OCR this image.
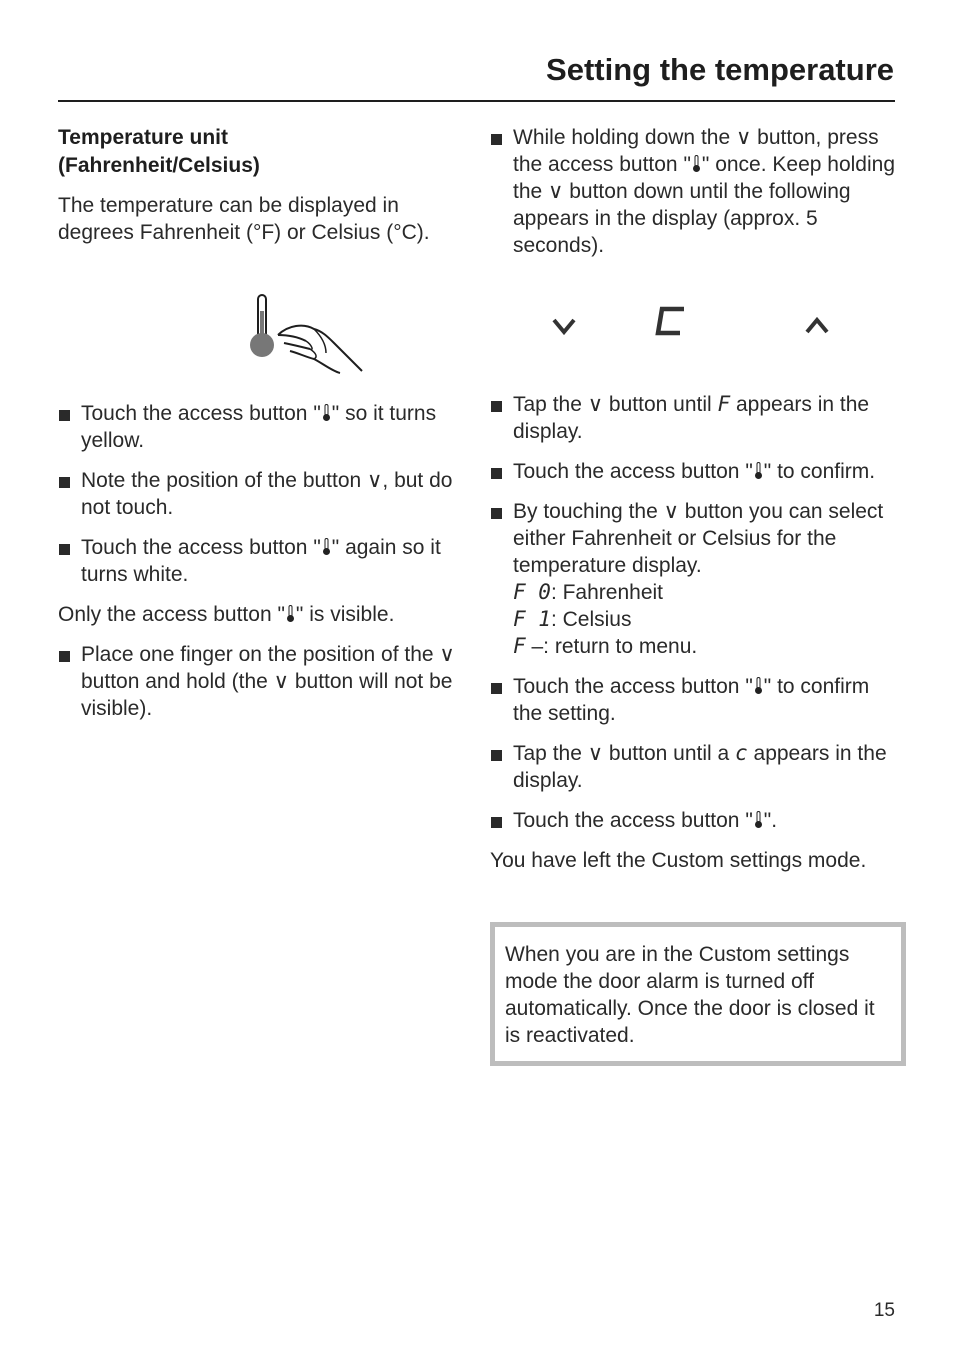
Setting the temperature
Temperature unit
(Fahrenheit/Celsius)

The temperature can be displayed in degrees Fahrenheit (°F) or Celsius (°C).

Touch the access button " " so it turns yellow.
Note the position of the button ∨, but do not touch.
Touch the access button " " again so it turns white.

Only the access button " " is visible.

Place one finger on the position of the ∨ button and hold (the ∨ button will not be visible).
While holding down the ∨ button, press the access button " " once. Keep holding the ∨ button down until the following appears in the display (approx. 5 seconds).
Tap the ∨ button until F appears in the display.
Touch the access button " " to confirm.
By touching the ∨ button you can select either Fahrenheit or Celsius for the temperature display.
F 0: Fahrenheit
F 1: Celsius
F –: return to menu.
Touch the access button " " to confirm the setting.
Tap the ∨ button until a c appears in the display.
Touch the access button " ".

You have left the Custom settings mode.

When you are in the Custom settings mode the door alarm is turned off automatically. Once the door is closed it is reactivated.
15
